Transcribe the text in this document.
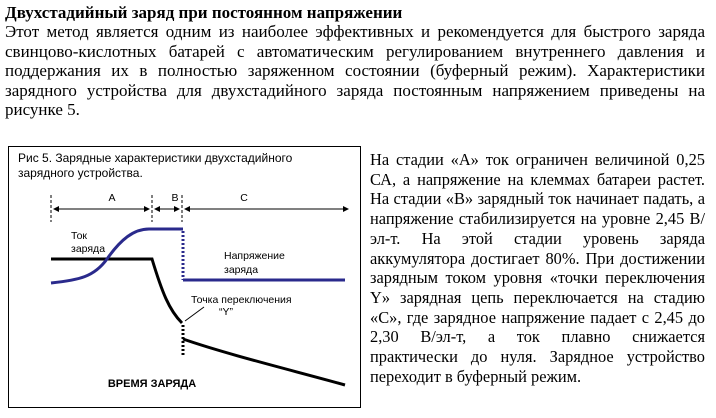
Двухстадийный заряд при постоянном напряжении
Этот метод является одним из наиболее эффективных и рекомендуется для быстрого заряда свинцово-кислотных батарей с автоматическим регулированием внутреннего давления и поддержания их в полностью заряженном состоянии (буферный режим). Характеристики зарядного устройства для двухстадийного заряда постоянным напряжением приведены на рисунке 5.
Рис 5. Зарядные характеристики двухстадийного зарядного устройства.
A	B	C
Ток
заряда
Напряжение
заряда
Точка переключения
“Y”
ВРЕМЯ ЗАРЯДА
На стадии «A» ток ограничен величиной 0,25 СА, а напряжение на клеммах батареи растет. На стадии «B» зарядный ток начинает падать, а напряжение стабилизируется на уровне 2,45 В/эл-т. На этой стадии уровень заряда аккумулятора достигает 80%. При достижении зарядным током уровня «точки переключения Y» зарядная цепь переключается на стадию «C», где зарядное напряжение падает с 2,45 до 2,30 В/эл-т, а ток плавно снижается практически до нуля. Зарядное устройство переходит в буферный режим.
